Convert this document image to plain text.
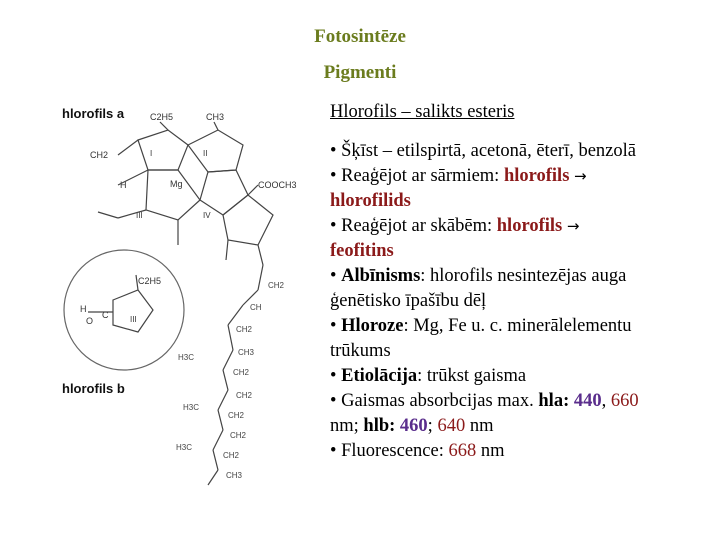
Fotosintēze
Pigmenti
hlorofils a	C2H5	CH3
CH2	I	II
Mg	COOCH3
IV
III
H
H
C
O
C2H5
III
hlorofils b
CH2
CH
CH2
CH3
CH2
CH2
CH2
CH2
CH2
CH3
H3C
H3C
H3C
Hlorofils – salikts esteris
• Šķīst – etilspirtā, acetonā, ēterī, benzolā
• Reaģējot ar sārmiem: hlorofils →
hlorofilids
• Reaģējot ar skābēm: hlorofils →
feofitins
• Albīnisms: hlorofils nesintezējas auga
ģenētisko īpašību dēļ
• Hloroze: Mg, Fe u. c. minerālelementu
trūkums
• Etiolācija: trūkst gaisma
• Gaismas absorbcijas max. hla: 440, 660
nm; hlb: 460; 640 nm
• Fluorescence: 668 nm
